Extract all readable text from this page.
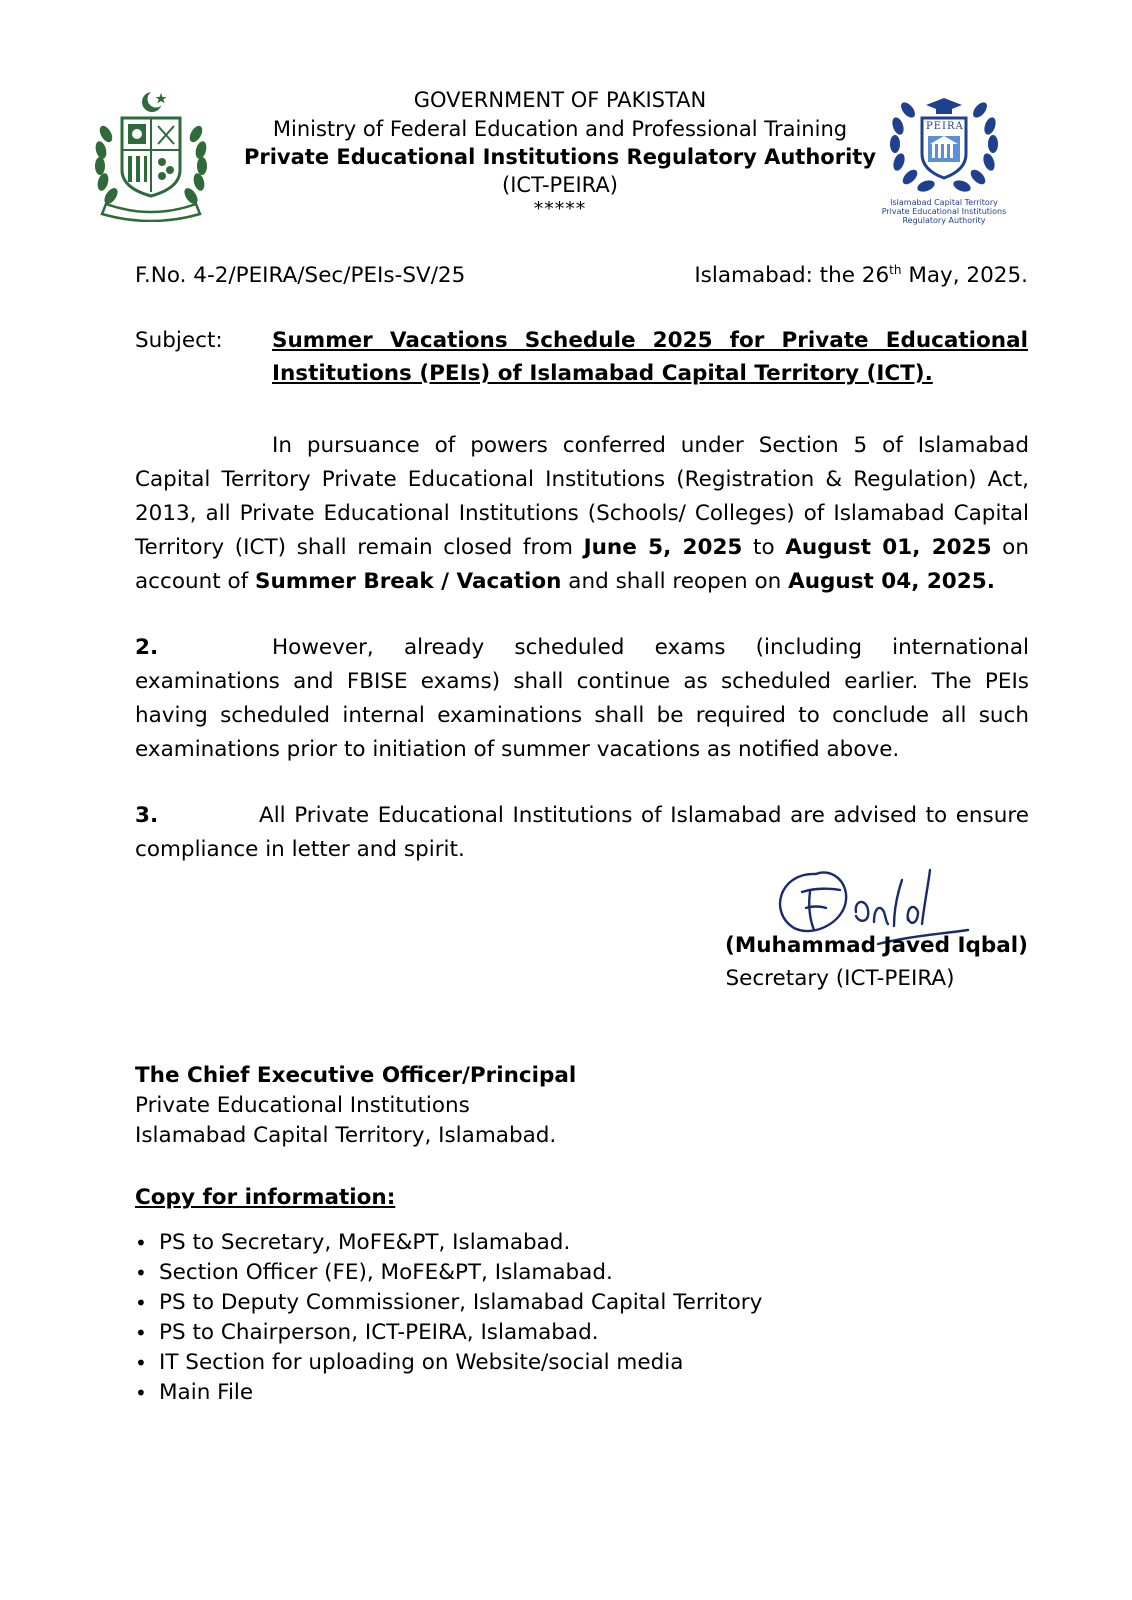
GOVERNMENT OF PAKISTAN
Ministry of Federal Education and Professional Training
Private Educational Institutions Regulatory Authority
(ICT-PEIRA)
*****
PEIRA
Islamabad Capital Territory
Private Educational Institutions
Regulatory Authority
F.No. 4-2/PEIRA/Sec/PEIs-SV/25	Islamabad: the 26th May, 2025.
Subject: Summer Vacations Schedule 2025 for Private Educational
Institutions (PEIs) of Islamabad Capital Territory (ICT).
In pursuance of powers conferred under Section 5 of Islamabad Capital Territory Private Educational Institutions (Registration & Regulation) Act, 2013, all Private Educational Institutions (Schools/ Colleges) of Islamabad Capital Territory (ICT) shall remain closed from June 5, 2025 to August 01, 2025 on account of Summer Break / Vacation and shall reopen on August 04, 2025.
2.	However, already scheduled exams (including international examinations and FBISE exams) shall continue as scheduled earlier. The PEIs having scheduled internal examinations shall be required to conclude all such examinations prior to initiation of summer vacations as notified above.
3.	All Private Educational Institutions of Islamabad are advised to ensure compliance in letter and spirit.
(Muhammad Javed Iqbal)
Secretary (ICT-PEIRA)
The Chief Executive Officer/Principal
Private Educational Institutions
Islamabad Capital Territory, Islamabad.
Copy for information:
• PS to Secretary, MoFE&PT, Islamabad.
• Section Officer (FE), MoFE&PT, Islamabad.
• PS to Deputy Commissioner, Islamabad Capital Territory
• PS to Chairperson, ICT-PEIRA, Islamabad.
• IT Section for uploading on Website/social media
• Main File
